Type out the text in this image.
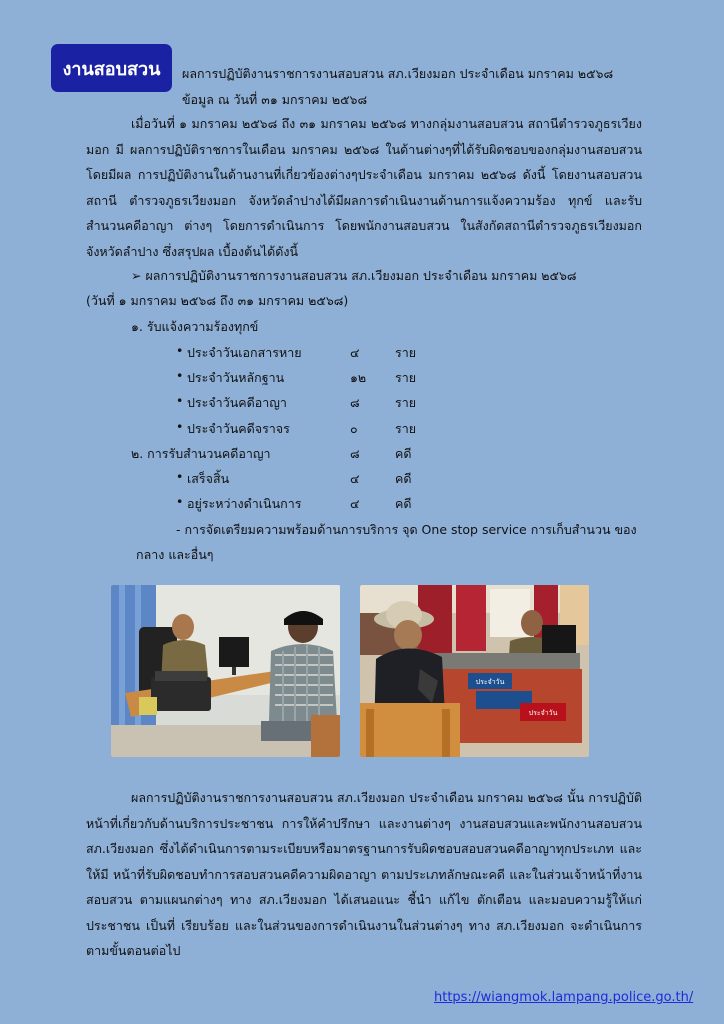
งานสอบสวน	ผลการปฏิบัติงานราชการงานสอบสวน สภ.เวียงมอก ประจำเดือน มกราคม ๒๕๖๘
ข้อมูล ณ วันที่ ๓๑ มกราคม ๒๕๖๘
เมื่อวันที่ ๑ มกราคม ๒๕๖๘ ถึง ๓๑ มกราคม ๒๕๖๘ ทางกลุ่มงานสอบสวน สถานีตำรวจภูธรเวียงมอก มี ผลการปฏิบัติราชการในเดือน มกราคม ๒๕๖๘ ในด้านต่างๆที่ได้รับผิดชอบของกลุ่มงานสอบสวน โดยมีผล การปฏิบัติงานในด้านงานที่เกี่ยวข้องต่างๆประจำเดือน มกราคม ๒๕๖๘ ดังนี้ โดยงานสอบสวนสถานี ตำรวจภูธรเวียงมอก จังหวัดลำปางได้มีผลการดำเนินงานด้านการแจ้งความร้อง ทุกข์ และรับสำนวนคดีอาญา ต่างๆ โดยการดำเนินการ โดยพนักงานสอบสวน ในสังกัดสถานีตำรวจภูธรเวียงมอก จังหวัดลำปาง ซึ่งสรุปผล เบื้องต้นได้ดังนี้
➢ ผลการปฏิบัติงานราชการงานสอบสวน สภ.เวียงมอก ประจำเดือน มกราคม ๒๕๖๘
(วันที่ ๑ มกราคม ๒๕๖๘ ถึง ๓๑ มกราคม ๒๕๖๘)
๑. รับแจ้งความร้องทุกข์
• ประจำวันเอกสารหาย	๔	ราย
• ประจำวันหลักฐาน	๑๒ ราย
• ประจำวันคดีอาญา	๘	ราย
• ประจำวันคดีจราจร	๐	ราย
๒. การรับสำนวนคดีอาญา	๘	คดี
• เสร็จสิ้น	๔	คดี
• อยู่ระหว่างดำเนินการ	๔	คดี
- การจัดเตรียมความพร้อมด้านการบริการ จุด One stop service การเก็บสำนวน ของ
กลาง และอื่นๆ
ประจำวัน
ประจำวัน
ผลการปฏิบัติงานราชการงานสอบสวน สภ.เวียงมอก ประจำเดือน มกราคม ๒๕๖๘ นั้น การปฏิบัติ หน้าที่เกี่ยวกับด้านบริการประชาชน การให้คำปรึกษา และงานต่างๆ งานสอบสวนและพนักงานสอบสวน สภ.เวียงมอก ซึ่งได้ดำเนินการตามระเบียบหรือมาตรฐานการรับผิดชอบสอบสวนคดีอาญาทุกประเภท และให้มี หน้าที่รับผิดชอบทำการสอบสวนคดีความผิดอาญา ตามประเภทลักษณะคดี และในส่วนเจ้าหน้าที่งานสอบสวน ตามแผนกต่างๆ ทาง สภ.เวียงมอก ได้เสนอแนะ ชี้นำ แก้ไข ตักเตือน และมอบความรู้ให้แก่ประชาชน เป็นที่ เรียบร้อย และในส่วนของการดำเนินงานในส่วนต่างๆ ทาง สภ.เวียงมอก จะดำเนินการตามขั้นตอนต่อไป
https://wiangmok.lampang.police.go.th/
